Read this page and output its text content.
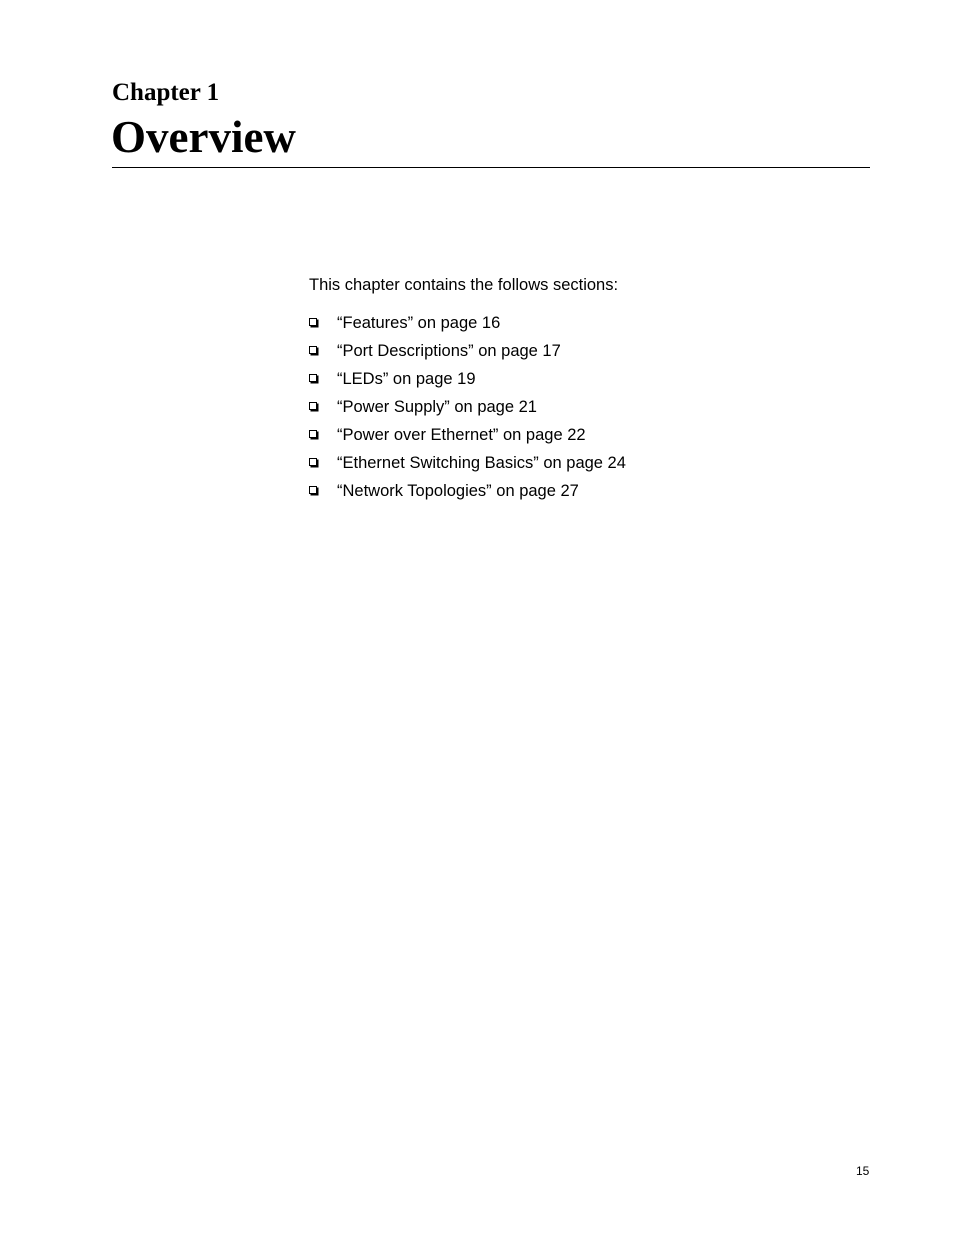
Chapter 1
Overview
This chapter contains the follows sections:
“Features” on page 16
“Port Descriptions” on page 17
“LEDs” on page 19
“Power Supply” on page 21
“Power over Ethernet” on page 22
“Ethernet Switching Basics” on page 24
“Network Topologies” on page 27
15
